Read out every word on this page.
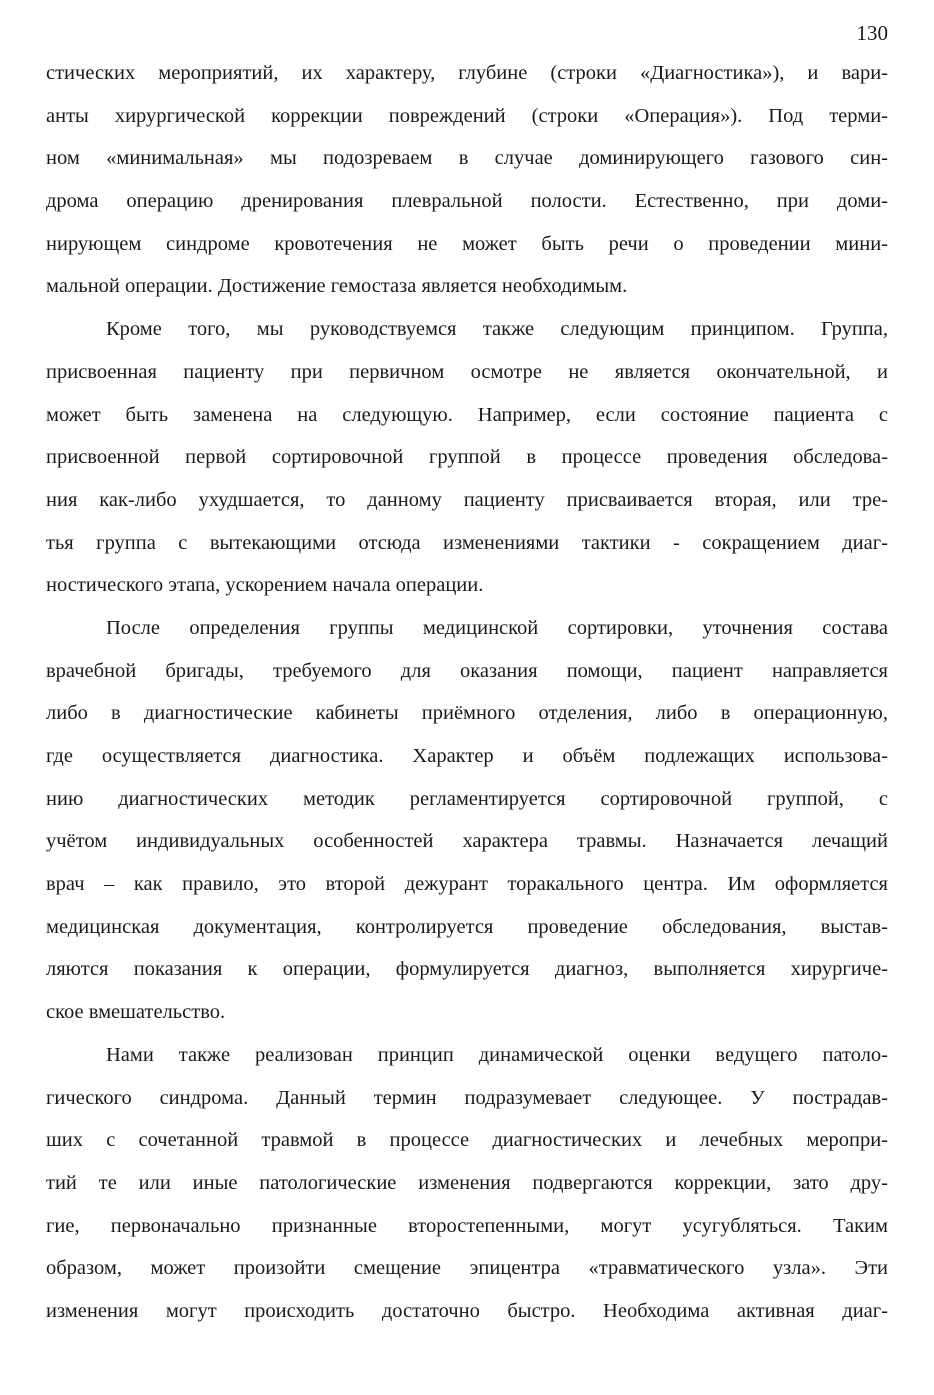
130
стических мероприятий, их характеру, глубине (строки «Диагностика»), и вари-
анты хирургической коррекции повреждений (строки «Операция»). Под терми-
ном «минимальная» мы подозреваем в случае доминирующего газового син-
дрома операцию дренирования плевральной полости. Естественно, при доми-
нирующем синдроме кровотечения не может быть речи о проведении мини-
мальной операции. Достижение гемостаза является необходимым.
Кроме того, мы руководствуемся также следующим принципом. Группа,
присвоенная пациенту при первичном осмотре не является окончательной, и
может быть заменена на следующую. Например, если состояние пациента с
присвоенной первой сортировочной группой в процессе проведения обследова-
ния как-либо ухудшается, то данному пациенту присваивается вторая, или тре-
тья группа с вытекающими отсюда изменениями тактики - сокращением диаг-
ностического этапа, ускорением начала операции.
После определения группы медицинской сортировки, уточнения состава
врачебной бригады, требуемого для оказания помощи, пациент направляется
либо в диагностические кабинеты приёмного отделения, либо в операционную,
где осуществляется диагностика. Характер и объём подлежащих использова-
нию диагностических методик регламентируется сортировочной группой, с
учётом индивидуальных особенностей характера травмы. Назначается лечащий
врач – как правило, это второй дежурант торакального центра. Им оформляется
медицинская документация, контролируется проведение обследования, выстав-
ляются показания к операции, формулируется диагноз, выполняется хирургиче-
ское вмешательство.
Нами также реализован принцип динамической оценки ведущего патоло-
гического синдрома. Данный термин подразумевает следующее. У пострадав-
ших с сочетанной травмой в процессе диагностических и лечебных меропри-
тий те или иные патологические изменения подвергаются коррекции, зато дру-
гие, первоначально признанные второстепенными, могут усугубляться. Таким
образом, может произойти смещение эпицентра «травматического узла». Эти
изменения могут происходить достаточно быстро. Необходима активная диаг-
